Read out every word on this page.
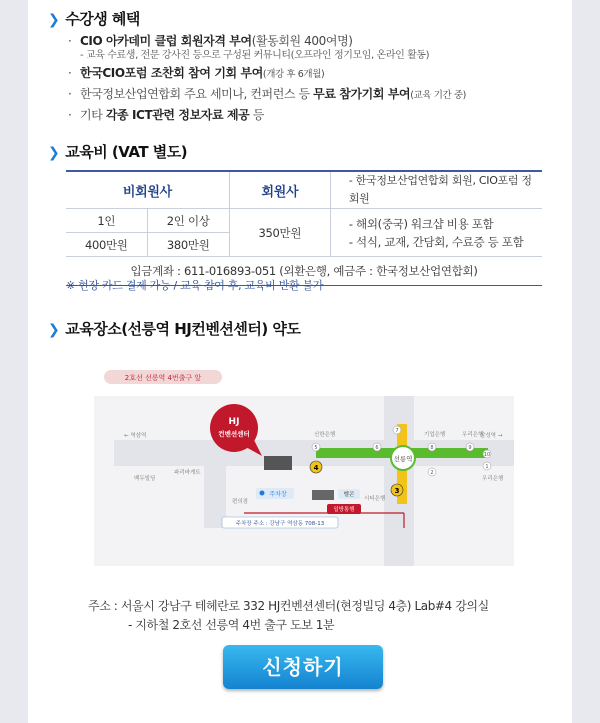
❯ 수강생 혜택
· CIO 아카데미 클럽 회원자격 부여(활동회원 400여명)
- 교육 수료생, 전문 강사진 등으로 구성된 커뮤니티(오프라인 정기모임, 온라인 활동)
· 한국CIO포럼 조찬회 참여 기회 부여(개강 후 6개월)
· 한국정보산업연합회 주요 세미나, 컨퍼런스 등 무료 참가기회 부여(교육 기간 중)
· 기타 각종 ICT관련 정보자료 제공 등
❯ 교육비 (VAT 별도)
비회원사		회원사	- 한국정보산업연합회 회원, CIO포럼 정회원
1인	2인 이상	350만원	- 해외(중국) 워크샵 비용 포함
- 석식, 교재, 간담회, 수료증 등 포함

400만원	380만원		
입금계좌 : 611-016893-051 (외환은행, 예금주 : 한국정보산업연합회)			
※ 현장 카드 결제 가능 / 교육 참여 후, 교육비 반환 불가
❯ 교육장소(선릉역 HJ컨벤션센터) 약도
2호선 선릉역 4번출구 앞
선릉역
4
3
5	6
7
8	9
10
1
2
HJ
컨벤션센터
일방통행
주차장	벨콘
주차장 주소 : 강남구 역삼동 708-13
← 역삼역	삼성역 →
백두빌딩
파리바게트
신한은행	기업은행	우리은행
우리은행
편의점	시티은행
주소 : 서울시 강남구 테헤란로 332 HJ컨벤션센터(현정빌딩 4층) Lab#4 강의실
- 지하철 2호선 선릉역 4번 출구 도보 1분
신청하기
